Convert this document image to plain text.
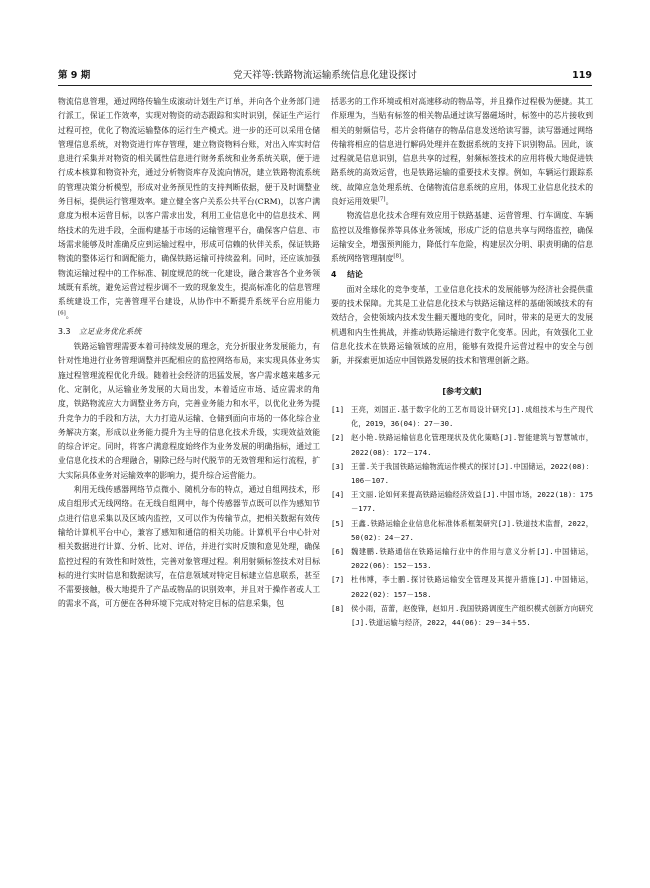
第 9 期	党天祥等:铁路物流运输系统信息化建设探讨	119

物流信息管理，通过网络传输生成滚动计划生产订单，并向各个业务部门进行派工，保证工作效率，实现对物资的动态跟踪和实时识别，保证生产运行过程可控，优化了物流运输整体的运行生产模式。进一步的还可以采用仓储管理信息系统，对物资进行库存管理，建立物资物料台账，对出入库实时信息进行采集并对物资的相关属性信息进行财务系统和业务系统关联，便于进行成本核算和物资补充，通过分析物资库存及流向情况，建立铁路物流系统的管理决策分析模型，形成对业务预见性的支持判断依据，便于及时调整业务目标，提供运行管理效率。建立健全客户关系公共平台(CRM)，以客户满意度为根本运营目标，以客户需求出发，利用工业信息化中的信息技术、网络技术的先进手段，全面构建基于市场的运输管理平台，确保客户信息、市场需求能够及时准确反应到运输过程中，形成可信赖的伙伴关系，保证铁路物流的整体运行和调配能力，确保铁路运输可持续盈利。同时，还应该加强物流运输过程中的工作标准、制度规范的统一化建设，融合兼容各个业务领域既有系统，避免运营过程步调不一致的现象发生，提高标准化的信息管理系统建设工作，完善管理平台建设，从协作中不断提升系统平台应用能力[6]。

3.3 立足业务优化系统

铁路运输管理需要本着可持续发展的理念，充分折服业务发展能力，有针对性地进行业务管理调整并匹配相应的监控网络布局，来实现具体业务实施过程管理流程优化升级。随着社会经济的迅猛发展，客户需求越来越多元化、定制化，从运输业务发展的大局出发，本着适应市场、适应需求的角度，铁路物流应大力调整业务方向，完善业务能力和水平，以优化业务为提升竞争力的手段和方法，大力打造从运输、仓储到面向市场的一体化综合业务解决方案，形成以业务能力提升为主导的信息化技术升级，实现效益效能的综合评定。同时，将客户满意程度始终作为业务发展的明确指标，通过工业信息化技术的合理融合，剔除已经与时代脱节的无效管理和运行流程，扩大实际具体业务对运输效率的影响力，提升综合运营能力。

利用无线传感器网络节点微小、随机分布的特点，通过自组网技术，形成自组形式无线网络。在无线自组网中，每个传感器节点既可以作为感知节点进行信息采集以及区域内监控，又可以作为传输节点，把相关数据有效传输给计算机平台中心，兼容了感知和通信的相关功能。计算机平台中心针对相关数据进行计算、分析、比对、评估，并进行实时反馈和意见处理，确保监控过程的有效性和时效性，完善对象管理过程。利用射频标签技术对目标标的进行实时信息和数据读写，在信息领域对特定目标建立信息联系，甚至不需要接触，极大地提升了产品或物品的识别效率，并且对于操作者或人工的需求不高，可方便在各种环境下完成对特定目标的信息采集，包

括恶劣的工作环境或相对高速移动的物品等，并且操作过程极为便捷。其工作原理为，当贴有标签的相关物品通过读写器磁场时，标签中的芯片接收到相关的射频信号，芯片会将储存的物品信息发送给读写器，读写器通过网络传输将相应的信息进行解码处理并在数据系统的支持下识别物品。因此，该过程就是信息识别，信息共享的过程，射频标签技术的应用将极大地促进铁路系统的高效运营，也是铁路运输的重要技术支撑。例如，车辆运行跟踪系统、故障应急处理系统、仓储物流信息系统的应用，体现工业信息化技术的良好运用效果[7]。

物流信息化技术合理有效应用于铁路基建、运营管理、行车调度、车辆监控以及维修保养等具体业务领域，形成广泛的信息共享与网络监控，确保运输安全，增强预判能力，降低行车危险，构建层次分明、职责明确的信息系统网络管理制度[8]。

4 结论

面对全球化的竞争变革，工业信息化技术的发展能够为经济社会提供重要的技术保障。尤其是工业信息化技术与铁路运输这样的基础领域技术的有效结合，会使领域内技术发生翻天覆地的变化，同时，带来的是更大的发展机遇和内生性挑战，并推动铁路运输进行数字化变革。因此，有效强化工业信息化技术在铁路运输领域的应用，能够有效提升运营过程中的安全与创新，并探索更加适应中国铁路发展的技术和管理创新之路。

[参考文献]
[1] 王亮，刘国正.基于数字化的工艺布局设计研究[J].成组技术与生产现代化，2019，36(04)：27－30.
[2] 赵小艳.铁路运输信息化管理现状及优化策略[J].智能建筑与智慧城市，2022(08)：172－174.
[3] 王蕾.关于我国铁路运输物流运作模式的探讨[J].中国储运，2022(08)：106－107.
[4] 王文丽.论如何来提高铁路运输经济效益[J].中国市场，2022(18)：175－177.
[5] 王鑫.铁路运输企业信息化标准体系框架研究[J].铁道技术监督，2022，50(02)：24－27.
[6] 魏建鹏.铁路通信在铁路运输行业中的作用与意义分析[J].中国储运，2022(06)：152－153.
[7] 杜伟博，李士鹏.探讨铁路运输安全管理及其提升措施[J].中国储运，2022(02)：157－158.
[8] 侯小雨，苗蕾，赵俊锋，赵如月.我国铁路调度生产组织模式创新方向研究[J].铁道运输与经济，2022，44(06)：29－34＋55.
